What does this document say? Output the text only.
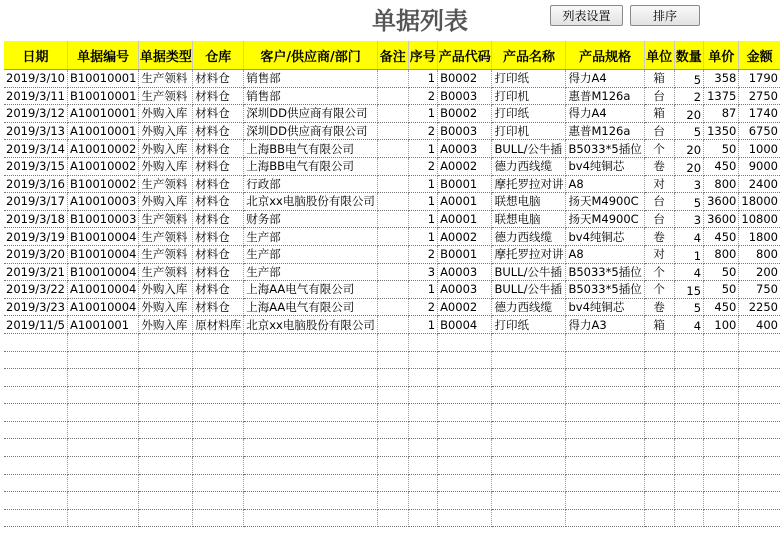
单据列表	列表设置	排序
日期	单据编号	单据类型	仓库	客户/供应商/部门	备注	序号	产品代码	产品名称	产品规格	单位	数量	单价	金额
2019/3/10	B10010001	生产领料	材料仓	销售部		1	B0002	打印纸	得力A4	箱	5	358	1790
2019/3/11	B10010001	生产领料	材料仓	销售部		2	B0003	打印机	惠普M126a	台	2	1375	2750
2019/3/12	A10010001	外购入库	材料仓	深圳DD供应商有限公司		1	B0002	打印纸	得力A4	箱	20	87	1740
2019/3/13	A10010001	外购入库	材料仓	深圳DD供应商有限公司		2	B0003	打印机	惠普M126a	台	5	1350	6750
2019/3/14	A10010002	外购入库	材料仓	上海BB电气有限公司		1	A0003	BULL/公牛插	B5033*5插位	个	20	50	1000
2019/3/15	A10010002	外购入库	材料仓	上海BB电气有限公司		2	A0002	德力西线缆	bv4纯铜芯	卷	20	450	9000
2019/3/16	B10010002	生产领料	材料仓	行政部		1	B0001	摩托罗拉对讲	A8	对	3	800	2400
2019/3/17	A10010003	外购入库	材料仓	北京xx电脑股份有限公司		1	A0001	联想电脑	扬天M4900C	台	5	3600	18000
2019/3/18	B10010003	生产领料	材料仓	财务部		1	A0001	联想电脑	扬天M4900C	台	3	3600	10800
2019/3/19	B10010004	生产领料	材料仓	生产部		1	A0002	德力西线缆	bv4纯铜芯	卷	4	450	1800
2019/3/20	B10010004	生产领料	材料仓	生产部		2	B0001	摩托罗拉对讲	A8	对	1	800	800
2019/3/21	B10010004	生产领料	材料仓	生产部		3	A0003	BULL/公牛插	B5033*5插位	个	4	50	200
2019/3/22	A10010004	外购入库	材料仓	上海AA电气有限公司		1	A0003	BULL/公牛插	B5033*5插位	个	15	50	750
2019/3/23	A10010004	外购入库	材料仓	上海AA电气有限公司		2	A0002	德力西线缆	bv4纯铜芯	卷	5	450	2250
2019/11/5	A1001001	外购入库	原材料库	北京xx电脑股份有限公司		1	B0004	打印纸	得力A3	箱	4	100	400
